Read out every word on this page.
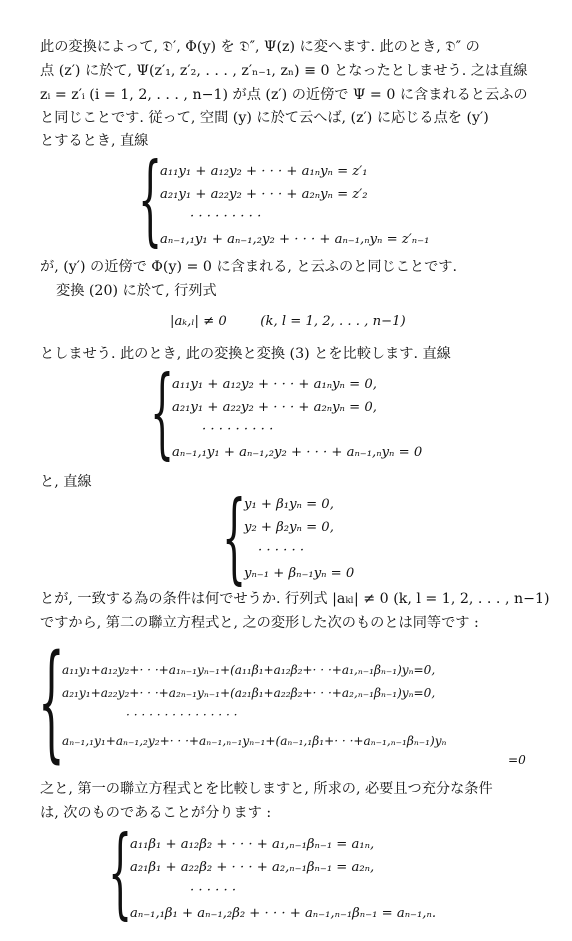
此の変換によって, 𝔇′, Φ(y) を 𝔇″, Ψ(z) に変へます. 此のとき, 𝔇″ の
点 (z′) に於て, Ψ(z′₁, z′₂, . . . , z′ₙ₋₁, zₙ) ≡ 0 となったとしませう. 之は直線
zᵢ = z′ᵢ (i = 1, 2, . . . , n−1) が点 (z′) の近傍で Ψ = 0 に含まれると云ふの
と同じことです. 従って, 空間 (y) に於て云へば, (z′) に応じる点を (y′)
とするとき, 直線
{
a₁₁y₁ + a₁₂y₂ + · · · + a₁ₙyₙ = z′₁
a₂₁y₁ + a₂₂y₂ + · · · + a₂ₙyₙ = z′₂
· · · · · · · · ·
aₙ₋₁,₁y₁ + aₙ₋₁,₂y₂ + · · · + aₙ₋₁,ₙyₙ = z′ₙ₋₁
が, (y′) の近傍で Φ(y) = 0 に含まれる, と云ふのと同じことです.
変換 (20) に於て, 行列式
|aₖ,ₗ| ≠ 0        (k, l = 1, 2, . . . , n−1)
としませう. 此のとき, 此の変換と変換 (3) とを比較します. 直線
{
a₁₁y₁ + a₁₂y₂ + · · · + a₁ₙyₙ = 0,
a₂₁y₁ + a₂₂y₂ + · · · + a₂ₙyₙ = 0,
· · · · · · · · ·
aₙ₋₁,₁y₁ + aₙ₋₁,₂y₂ + · · · + aₙ₋₁,ₙyₙ = 0
と, 直線	{
y₁ + β₁yₙ = 0,
y₂ + β₂yₙ = 0,
· · · · · ·
yₙ₋₁ + βₙ₋₁yₙ = 0
とが, 一致する為の条件は何でせうか. 行列式 |aₖₗ| ≠ 0 (k, l = 1, 2, . . . , n−1)
ですから, 第二の聯立方程式と, 之の変形した次のものとは同等です :
{
a₁₁y₁+a₁₂y₂+· · ·+a₁ₙ₋₁yₙ₋₁+(a₁₁β₁+a₁₂β₂+· · ·+a₁,ₙ₋₁βₙ₋₁)yₙ=0,
a₂₁y₁+a₂₂y₂+· · ·+a₂ₙ₋₁yₙ₋₁+(a₂₁β₁+a₂₂β₂+· · ·+a₂,ₙ₋₁βₙ₋₁)yₙ=0,
· · · · · · · · · · · · · · ·
aₙ₋₁,₁y₁+aₙ₋₁,₂y₂+· · ·+aₙ₋₁,ₙ₋₁yₙ₋₁+(aₙ₋₁,₁β₁+· · ·+aₙ₋₁,ₙ₋₁βₙ₋₁)yₙ
=0
之と, 第一の聯立方程式とを比較しますと, 所求の, 必要且つ充分な条件
は, 次のものであることが分ります :
{
a₁₁β₁ + a₁₂β₂ + · · · + a₁,ₙ₋₁βₙ₋₁ = a₁ₙ,
a₂₁β₁ + a₂₂β₂ + · · · + a₂,ₙ₋₁βₙ₋₁ = a₂ₙ,
· · · · · ·
aₙ₋₁,₁β₁ + aₙ₋₁,₂β₂ + · · · + aₙ₋₁,ₙ₋₁βₙ₋₁ = aₙ₋₁,ₙ.
